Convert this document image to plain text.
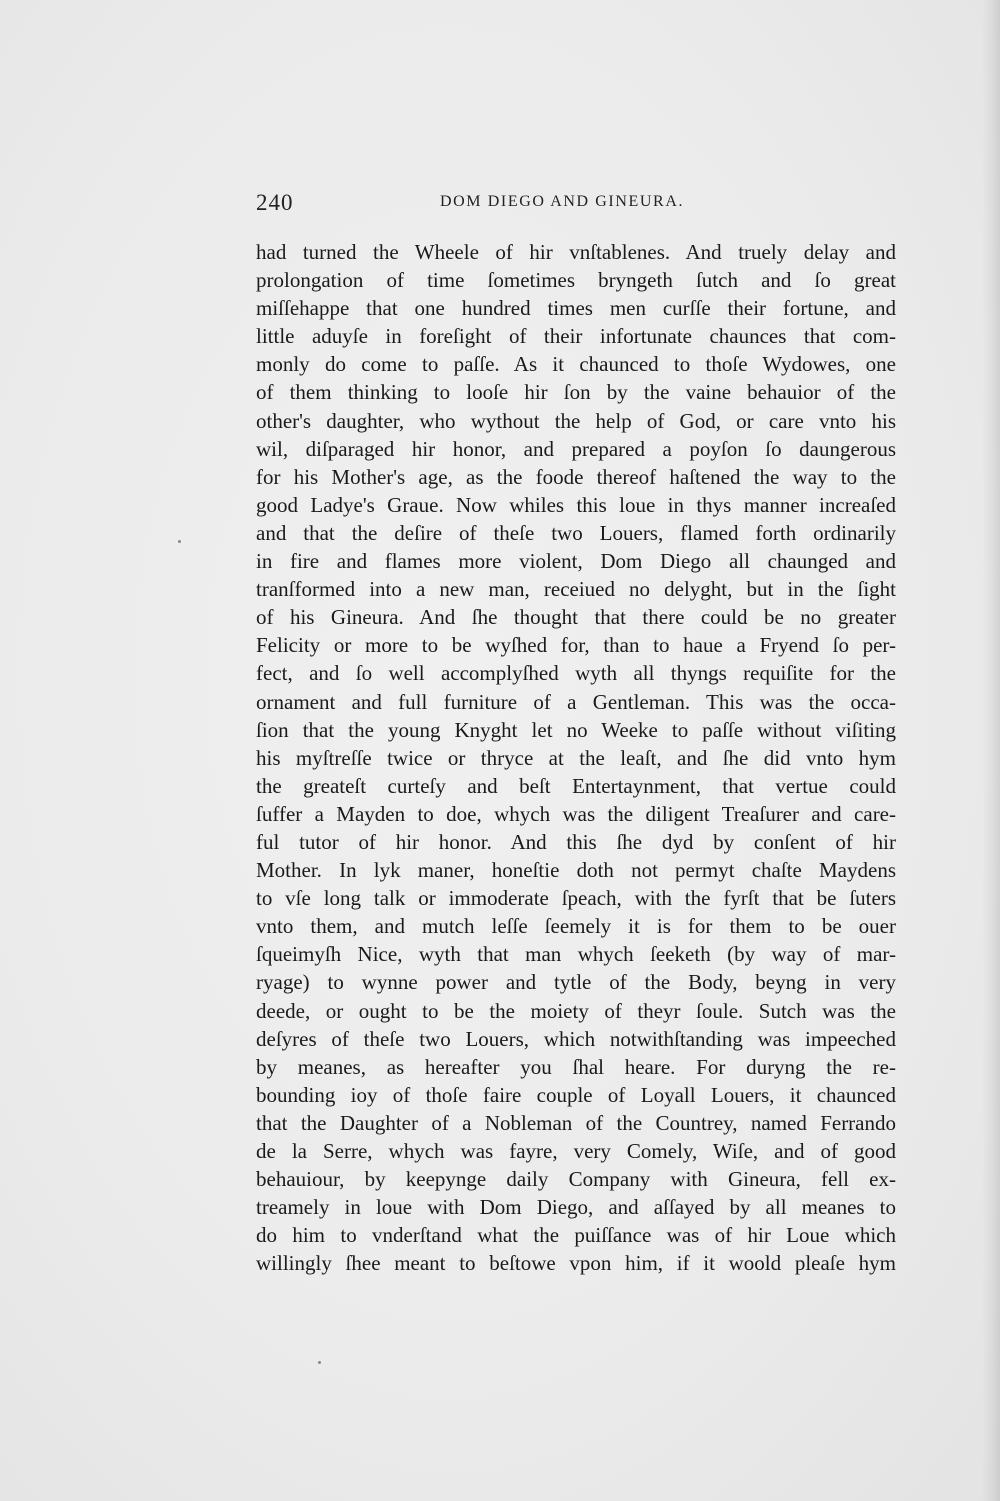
240	DOM DIEGO AND GINEURA.
had turned the Wheele of hir vnſtablenes. And truely delay and
prolongation of time ſometimes bryngeth ſutch and ſo great
miſſehappe that one hundred times men curſſe their fortune, and
little aduyſe in foreſight of their infortunate chaunces that com-
monly do come to paſſe. As it chaunced to thoſe Wydowes, one
of them thinking to looſe hir ſon by the vaine behauior of the
other's daughter, who wythout the help of God, or care vnto his
wil, diſparaged hir honor, and prepared a poyſon ſo daungerous
for his Mother's age, as the foode thereof haſtened the way to the
good Ladye's Graue. Now whiles this loue in thys manner increaſed
and that the deſire of theſe two Louers, flamed forth ordinarily
in fire and flames more violent, Dom Diego all chaunged and
tranſformed into a new man, receiued no delyght, but in the ſight
of his Gineura. And ſhe thought that there could be no greater
Felicity or more to be wyſhed for, than to haue a Fryend ſo per-
fect, and ſo well accomplyſhed wyth all thyngs requiſite for the
ornament and full furniture of a Gentleman. This was the occa-
ſion that the young Knyght let no Weeke to paſſe without viſiting
his myſtreſſe twice or thryce at the leaſt, and ſhe did vnto hym
the greateſt curteſy and beſt Entertaynment, that vertue could
ſuffer a Mayden to doe, whych was the diligent Treaſurer and care-
ful tutor of hir honor. And this ſhe dyd by conſent of hir
Mother. In lyk maner, honeſtie doth not permyt chaſte Maydens
to vſe long talk or immoderate ſpeach, with the fyrſt that be ſuters
vnto them, and mutch leſſe ſeemely it is for them to be ouer
ſqueimyſh Nice, wyth that man whych ſeeketh (by way of mar-
ryage) to wynne power and tytle of the Body, beyng in very
deede, or ought to be the moiety of theyr ſoule. Sutch was the
deſyres of theſe two Louers, which notwithſtanding was impeeched
by meanes, as hereafter you ſhal heare. For duryng the re-
bounding ioy of thoſe faire couple of Loyall Louers, it chaunced
that the Daughter of a Nobleman of the Countrey, named Ferrando
de la Serre, whych was fayre, very Comely, Wiſe, and of good
behauiour, by keepynge daily Company with Gineura, fell ex-
treamely in loue with Dom Diego, and aſſayed by all meanes to
do him to vnderſtand what the puiſſance was of hir Loue which
willingly ſhee meant to beſtowe vpon him, if it woold pleaſe hym
